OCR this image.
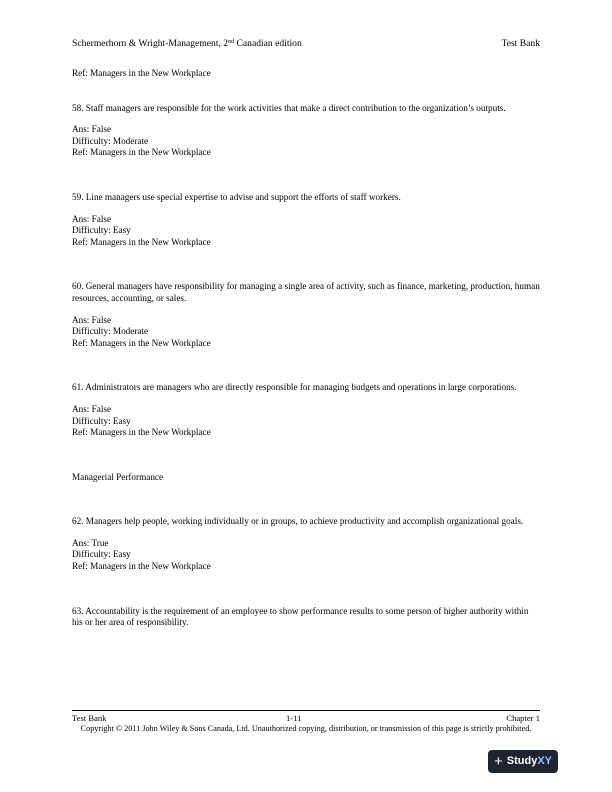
Schermerhorn & Wright-Management, 2nd Canadian edition	Test Bank

Ref: Managers in the New Workplace

58. Staff managers are responsible for the work activities that make a direct contribution to the organization’s outputs.

Ans: False

Difficulty: Moderate

Ref: Managers in the New Workplace

59. Line managers use special expertise to advise and support the efforts of staff workers.

Ans: False

Difficulty: Easy

Ref: Managers in the New Workplace

60. General managers have responsibility for managing a single area of activity, such as finance, marketing, production, human resources, accounting, or sales.

Ans: False

Difficulty: Moderate

Ref: Managers in the New Workplace

61. Administrators are managers who are directly responsible for managing budgets and operations in large corporations.

Ans: False

Difficulty: Easy

Ref: Managers in the New Workplace

Managerial Performance

62. Managers help people, working individually or in groups, to achieve productivity and accomplish organizational goals.

Ans: True

Difficulty: Easy

Ref: Managers in the New Workplace

63. Accountability is the requirement of an employee to show performance results to some person of higher authority within his or her area of responsibility.

Test Bank	1-11	Chapter 1
Copyright © 2011 John Wiley & Sons Canada, Ltd. Unauthorized copying, distribution, or transmission of this page is strictly prohibited.
+ StudyXY
